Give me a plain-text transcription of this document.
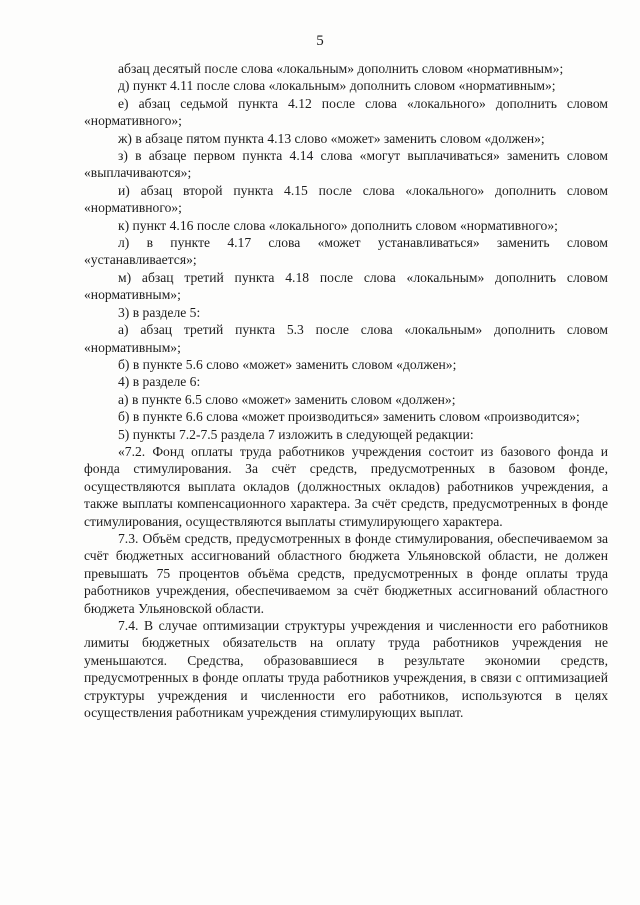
5

абзац десятый после слова «локальным» дополнить словом «нормативным»;

д) пункт 4.11 после слова «локальным» дополнить словом «нормативным»;

е) абзац седьмой пункта 4.12 после слова «локального» дополнить словом «нормативного»;

ж) в абзаце пятом пункта 4.13 слово «может» заменить словом «должен»;

з) в абзаце первом пункта 4.14 слова «могут выплачиваться» заменить словом «выплачиваются»;

и) абзац второй пункта 4.15 после слова «локального» дополнить словом «нормативного»;

к) пункт 4.16 после слова «локального» дополнить словом «нормативного»;

л) в пункте 4.17 слова «может устанавливаться» заменить словом «устанавливается»;

м) абзац третий пункта 4.18 после слова «локальным» дополнить словом «нормативным»;

3) в разделе 5:

а) абзац третий пункта 5.3 после слова «локальным» дополнить словом «нормативным»;

б) в пункте 5.6 слово «может» заменить словом «должен»;

4) в разделе 6:

а) в пункте 6.5 слово «может» заменить словом «должен»;

б) в пункте 6.6 слова «может производиться» заменить словом «производится»;

5) пункты 7.2-7.5 раздела 7 изложить в следующей редакции:

«7.2. Фонд оплаты труда работников учреждения состоит из базового фонда и фонда стимулирования. За счёт средств, предусмотренных в базовом фонде, осуществляются выплата окладов (должностных окладов) работников учреждения, а также выплаты компенсационного характера. За счёт средств, предусмотренных в фонде стимулирования, осуществляются выплаты стимулирующего характера.

7.3. Объём средств, предусмотренных в фонде стимулирования, обеспечиваемом за счёт бюджетных ассигнований областного бюджета Ульяновской области, не должен превышать 75 процентов объёма средств, предусмотренных в фонде оплаты труда работников учреждения, обеспечиваемом за счёт бюджетных ассигнований областного бюджета Ульяновской области.

7.4. В случае оптимизации структуры учреждения и численности его работников лимиты бюджетных обязательств на оплату труда работников учреждения не уменьшаются. Средства, образовавшиеся в результате экономии средств, предусмотренных в фонде оплаты труда работников учреждения, в связи с оптимизацией структуры учреждения и численности его работников, используются в целях осуществления работникам учреждения стимулирующих выплат.
